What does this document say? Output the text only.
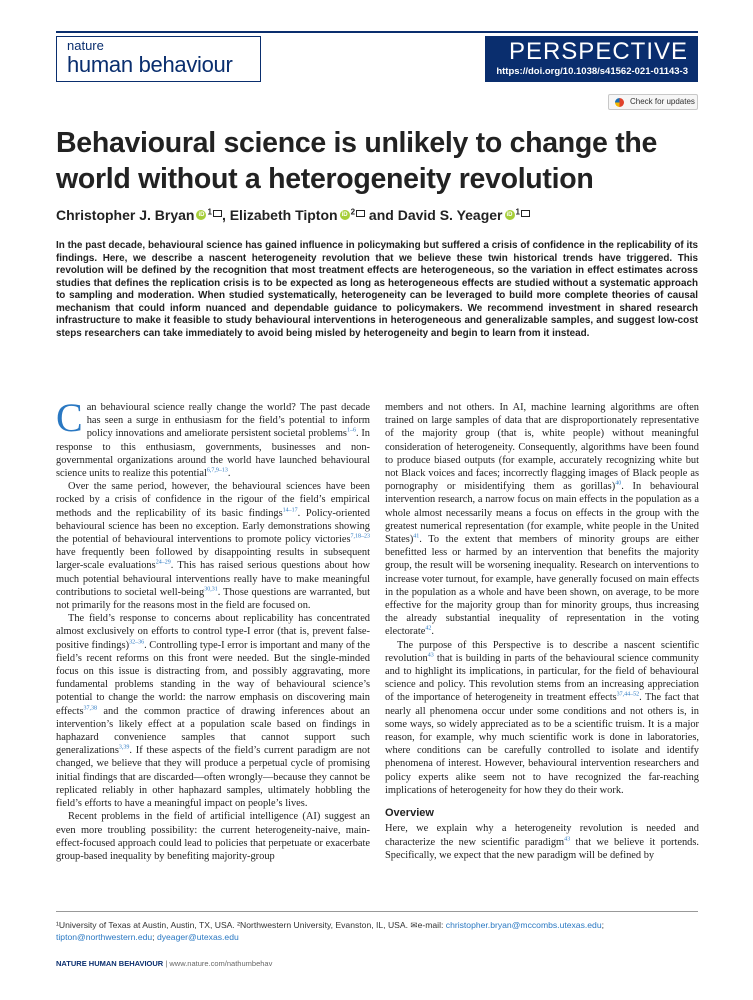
nature
human behaviour	PERSPECTIVE
https://doi.org/10.1038/s41562-021-01143-3
Check for updates
Behavioural science is unlikely to change the world without a heterogeneity revolution
Christopher J. Bryan iD $^1$ , Elizabeth Tipton iD $^2$ and David S. Yeager iD $^1$
In the past decade, behavioural science has gained influence in policymaking but suffered a crisis of confidence in the replicability of its findings. Here, we describe a nascent heterogeneity revolution that we believe these twin historical trends have triggered. This revolution will be defined by the recognition that most treatment effects are heterogeneous, so the variation in effect estimates across studies that defines the replication crisis is to be expected as long as heterogeneous effects are studied without a systematic approach to sampling and moderation. When studied systematically, heterogeneity can be leveraged to build more complete theories of causal mechanism that could inform nuanced and dependable guidance to policymakers. We recommend investment in shared research infrastructure to make it feasible to study behavioural interventions in heterogeneous and generalizable samples, and suggest low-cost steps researchers can take immediately to avoid being misled by heterogeneity and begin to learn from it instead.

Can behavioural science really change the world? The past decade has seen a surge in enthusiasm for the field’s potential to inform policy innovations and ameliorate persistent societal problems$^{1-6}$. In response to this enthusiasm, governments, businesses and non-governmental organizations around the world have launched behavioural science units to realize this potential$^{6,7,9-13}$.

Over the same period, however, the behavioural sciences have been rocked by a crisis of confidence in the rigour of the field’s empirical methods and the replicability of its basic findings$^{14-17}$. Policy-oriented behavioural science has been no exception. Early demonstrations showing the potential of behavioural interventions to promote policy victories$^{7,18-23}$ have frequently been followed by disappointing results in subsequent larger-scale evaluations$^{24-29}$. This has raised serious questions about how much potential behavioural interventions really have to make meaningful contributions to societal well-being$^{30,31}$. Those questions are warranted, but not primarily for the reasons most in the field are focused on.

The field’s response to concerns about replicability has concentrated almost exclusively on efforts to control type-I error (that is, prevent false-positive findings)$^{32-36}$. Controlling type-I error is important and many of the field’s recent reforms on this front were needed. But the single-minded focus on this issue is distracting from, and possibly aggravating, more fundamental problems standing in the way of behavioural science’s potential to change the world: the narrow emphasis on discovering main effects$^{37,38}$ and the common practice of drawing inferences about an intervention’s likely effect at a population scale based on findings in haphazard convenience samples that cannot support such generalizations$^{3,39}$. If these aspects of the field’s current paradigm are not changed, we believe that they will produce a perpetual cycle of promising initial findings that are discarded—often wrongly—because they cannot be replicated reliably in other haphazard samples, ultimately hobbling the field’s efforts to have a meaningful impact on people’s lives.

Recent problems in the field of artificial intelligence (AI) suggest an even more troubling possibility: the current heterogeneity-naive, main-effect-focused approach could lead to policies that perpetuate or exacerbate group-based inequality by benefiting majority-group

members and not others. In AI, machine learning algorithms are often trained on large samples of data that are disproportionately representative of the majority group (that is, white people) without meaningful consideration of heterogeneity. Consequently, algorithms have been found to produce biased outputs (for example, accurately recognizing white but not Black voices and faces; incorrectly flagging images of Black people as pornography or misidentifying them as gorillas)$^{40}$. In behavioural intervention research, a narrow focus on main effects in the population as a whole almost necessarily means a focus on effects in the group with the greatest numerical representation (for example, white people in the United States)$^{41}$. To the extent that members of minority groups are either benefitted less or harmed by an intervention that benefits the majority group, the result will be worsening inequality. Research on interventions to increase voter turnout, for example, have generally focused on main effects in the population as a whole and have been shown, on average, to be more effective for the majority group than for minority groups, thus increasing the already substantial inequality of representation in the voting electorate$^{42}$.

The purpose of this Perspective is to describe a nascent scientific revolution$^{43}$ that is building in parts of the behavioural science community and to highlight its implications, in particular, for the field of behavioural science and policy. This revolution stems from an increasing appreciation of the importance of heterogeneity in treatment effects$^{37,44-52}$. The fact that nearly all phenomena occur under some conditions and not others is, in some ways, so widely appreciated as to be a scientific truism. It is a major reason, for example, why much scientific work is done in laboratories, where conditions can be carefully controlled to isolate and identify phenomena of interest. However, behavioural intervention researchers and policy experts alike seem not to have recognized the far-reaching implications of heterogeneity for how they do their work.

Overview

Here, we explain why a heterogeneity revolution is needed and characterize the new scientific paradigm$^{43}$ that we believe it portends. Specifically, we expect that the new paradigm will be defined by

¹University of Texas at Austin, Austin, TX, USA. ²Northwestern University, Evanston, IL, USA. ✉e-mail: christopher.bryan@mccombs.utexas.edu; tipton@northwestern.edu; dyeager@utexas.edu
NATURE HUMAN BEHAVIOUR | www.nature.com/nathumbehav
